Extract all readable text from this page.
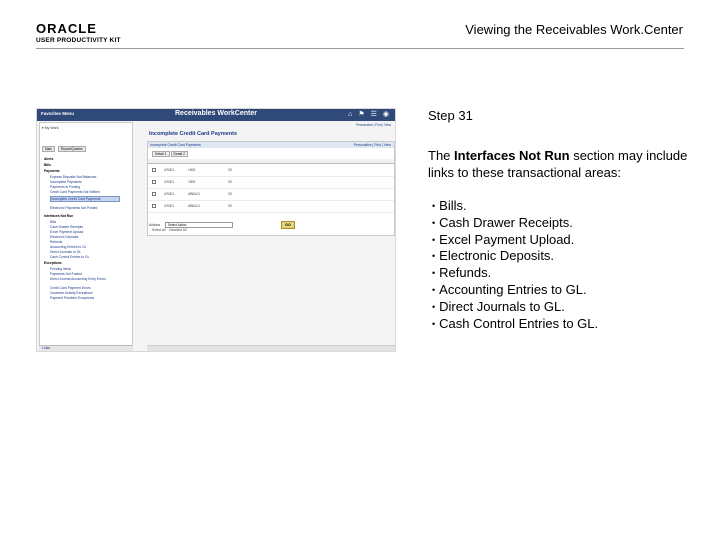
ORACLE
USER PRODUCTIVITY KIT
Viewing the Receivables Work.Center
Favorites Menu	Receivables WorkCenter	⌂ ⚑ ☰ ◉
Main	Report/Queries
▾ My Work
Alerts
Bills
Payments
Express Deposits Not Balanced
Incomplete Payments
Payments in Posting
Credit Card Payments Not Settled
Incomplete Credit Card Payments
Electronic Payments Not Posted
Interfaces Not Run
Bills
Cash Drawer Receipts
Excel Payment Upload
Electronic Deposits
Refunds
Accounting Entries to GL
Direct Journals to GL
Cash Control Entries to GL
Exceptions
Pending Items
Payments Not Posted
Direct Journal Accounting Entry Errors
Credit Card Payment Errors
Customer Activity Exceptions
Payment Predictor Exceptions
Links
Personalize | Find | View
Incomplete Credit Card Payments
Incomplete Credit Card Payments	Personalize | Find | View
Detail 1	Detail 2
US001	1500	25
US001	1500	25
US001	ABBL01	25
US001	ABBL01	25
Select All Deselect All
Actions	Select Action	GO
Step 31
The Interfaces Not Run section may include links to these transactional areas:
• Bills.
• Cash Drawer Receipts.
• Excel Payment Upload.
• Electronic Deposits.
• Refunds.
• Accounting Entries to GL.
• Direct Journals to GL.
• Cash Control Entries to GL.
